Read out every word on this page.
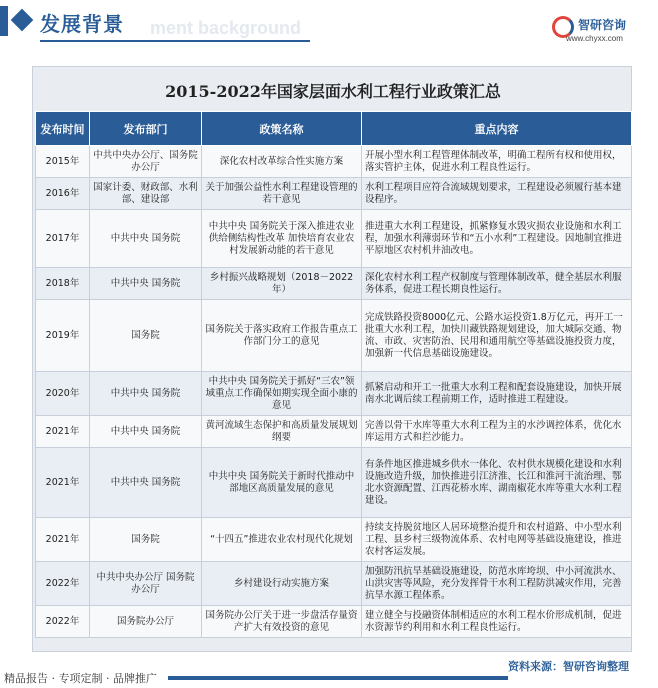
ment background
发展背景	智研咨询
www.chyxx.com
2015-2022年国家层面水利工程行业政策汇总
发布时间	发布部门	政策名称	重点内容
2015年	中共中央办公厅、国务院办公厅	深化农村改革综合性实施方案	开展小型水利工程管理体制改革，明确工程所有权和使用权，落实管护主体，促进水利工程良性运行。
2016年	国家计委、财政部、水利部、建设部	关于加强公益性水利工程建设管理的若干意见	水利工程项目应符合流域规划要求，工程建设必须履行基本建设程序。
2017年	中共中央 国务院	中共中央 国务院关于深入推进农业供给侧结构性改革 加快培育农业农村发展新动能的若干意见	推进重大水利工程建设，抓紧修复水毁灾损农业设施和水利工程，加强水利薄弱环节和“五小水利”工程建设。因地制宜推进平原地区农村机井油改电。
2018年	中共中央 国务院	乡村振兴战略规划（2018－2022年）	深化农村水利工程产权制度与管理体制改革，健全基层水利服务体系，促进工程长期良性运行。
2019年	国务院	国务院关于落实政府工作报告重点工作部门分工的意见	完成铁路投资8000亿元、公路水运投资1.8万亿元，再开工一批重大水利工程，加快川藏铁路规划建设，加大城际交通、物流、市政、灾害防治、民用和通用航空等基础设施投资力度，加强新一代信息基础设施建设。
2020年	中共中央 国务院	中共中央 国务院关于抓好“三农”领域重点工作确保如期实现全面小康的意见	抓紧启动和开工一批重大水利工程和配套设施建设，加快开展南水北调后续工程前期工作，适时推进工程建设。
2021年	中共中央 国务院	黄河流域生态保护和高质量发展规划纲要	完善以骨干水库等重大水利工程为主的水沙调控体系，优化水库运用方式和拦沙能力。
2021年	中共中央 国务院	中共中央 国务院关于新时代推动中部地区高质量发展的意见	有条件地区推进城乡供水一体化、农村供水规模化建设和水利设施改造升级，加快推进引江济淮、长江和淮河干流治理、鄂北水资源配置、江西花桥水库、湖南椒花水库等重大水利工程建设。
2021年	国务院	“十四五”推进农业农村现代化规划	持续支持脱贫地区人居环境整治提升和农村道路、中小型水利工程、县乡村三级物流体系、农村电网等基础设施建设，推进农村客运发展。
2022年	中共中央办公厅 国务院办公厅	乡村建设行动实施方案	加强防汛抗旱基础设施建设，防范水库垮坝、中小河流洪水、山洪灾害等风险，充分发挥骨干水利工程防洪减灾作用，完善抗旱水源工程体系。
2022年	国务院办公厅	国务院办公厅关于进一步盘活存量资产扩大有效投资的意见	建立健全与投融资体制相适应的水利工程水价形成机制，促进水资源节约利用和水利工程良性运行。
精品报告 · 专项定制 · 品牌推广
资料来源：智研咨询整理
